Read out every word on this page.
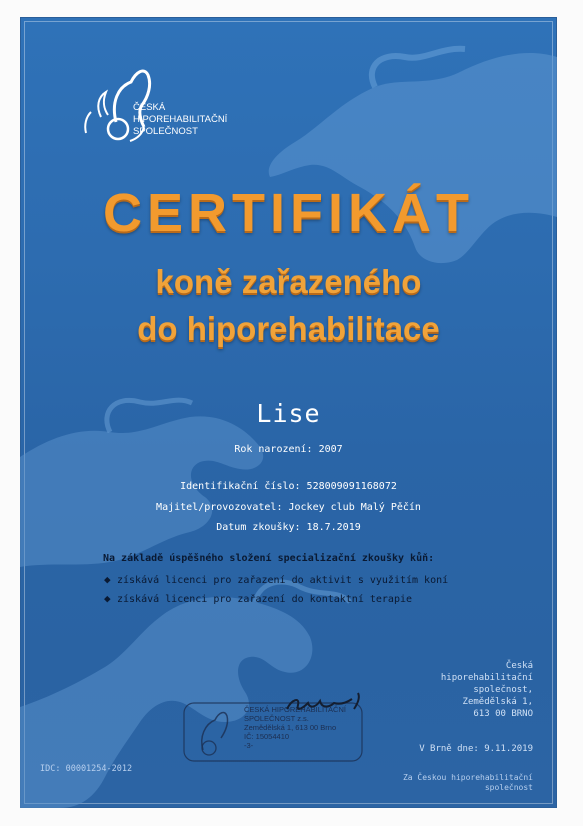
ČESKÁ
HIPOREHABILITAČNÍ
SPOLEČNOST
CERTIFIKÁT
koně zařazeného
do hiporehabilitace
Lise
Rok narození: 2007
Identifikační číslo: 528009091168072
Majitel/provozovatel: Jockey club Malý Pěčín
Datum zkoušky: 18.7.2019
Na základě úspěšného složení specializační zkoušky kůň:
◆ získává licenci pro zařazení do aktivit s využitím koní
◆ získává licenci pro zařazení do kontaktní terapie
Česká
hiporehabilitační
společnost,
Zemědělská 1,
613 00 BRNO
ČESKÁ HIPOREHABILITAČNÍ
SPOLEČNOST z.s.
Zemědělská 1, 613 00 Brno
IČ: 15054410
-3-	V Brně dne: 9.11.2019
Za Českou hiporehabilitační
společnost
IDC: 00001254-2012
